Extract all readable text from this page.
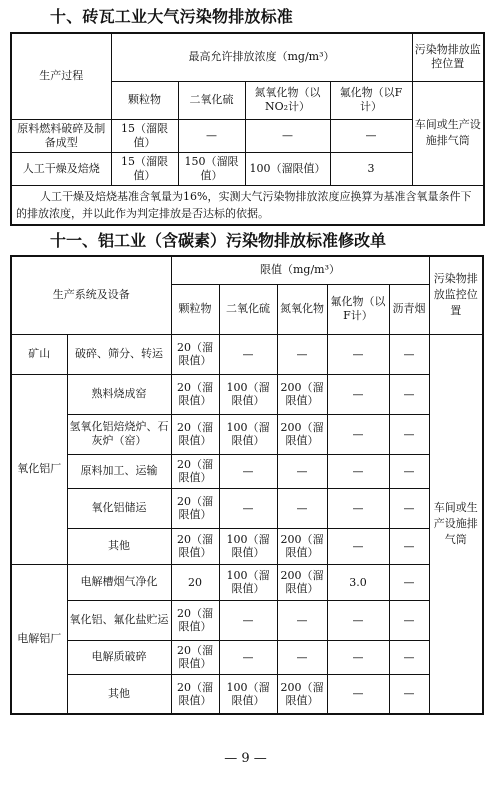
十、砖瓦工业大气污染物排放标准
生产过程	最高允许排放浓度（mg/m³）				污染物排放监控位置
	颗粒物	二氧化硫	氮氧化物（以NO₂计）	氟化物（以F计）	车间或生产设施排气筒
原料燃料破碎及制备成型	15（溜限值）	—	—	—	
人工干燥及焙烧	15（溜限值）	150（溜限值）	100（溜限值）	3	
人工干燥及焙烧基准含氧量为16%，实测大气污染物排放浓度应换算为基准含氧量条件下的排放浓度，并以此作为判定排放是否达标的依据。					
十一、铝工业（含碳素）污染物排放标准修改单
生产系统及设备		限值（mg/m³）					污染物排放监控位置
		颗粒物	二氧化硫	氮氧化物	氟化物（以F计）	沥青烟	
矿山	破碎、筛分、转运	20（溜限值）	—	—	—	—	车间或生产设施排气筒
氧化铝厂	熟料烧成窑	20（溜限值）	100（溜限值）	200（溜限值）	—	—	
	氢氧化铝焙烧炉、石灰炉（窑）	20（溜限值）	100（溜限值）	200（溜限值）	—	—	
	原料加工、运输	20（溜限值）	—	—	—	—	
	氧化铝储运	20（溜限值）	—	—	—	—	
	其他	20（溜限值）	100（溜限值）	200（溜限值）	—	—	
电解铝厂	电解槽烟气净化	20	100（溜限值）	200（溜限值）	3.0	—	
	氧化铝、氟化盐贮运	20（溜限值）	—	—	—	—	
	电解质破碎	20（溜限值）	—	—	—	—	
	其他	20（溜限值）	100（溜限值）	200（溜限值）	—	—	
— 9 —
